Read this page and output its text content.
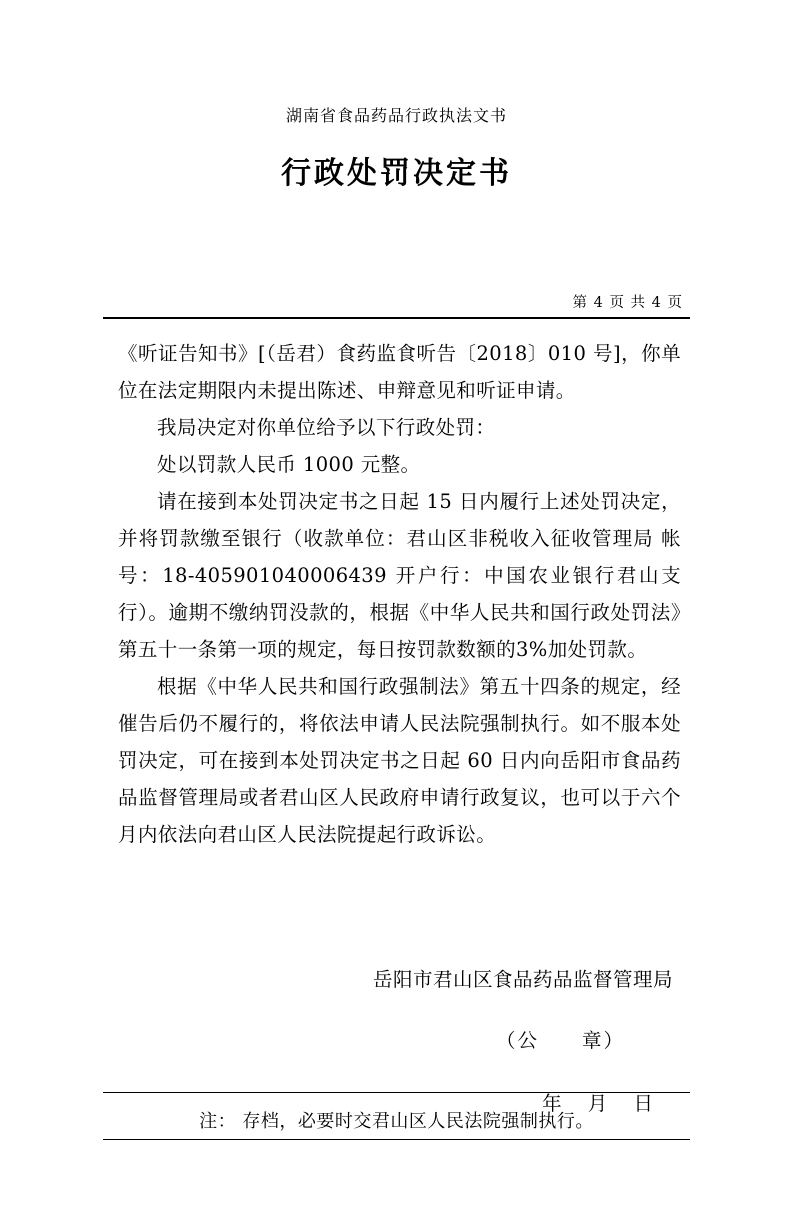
湖南省食品药品行政执法文书
行政处罚决定书
第 4 页 共 4 页

《听证告知书》[（岳君）食药监食听告〔2018〕010 号]，你单位在法定期限内未提出陈述、申辩意见和听证申请。

我局决定对你单位给予以下行政处罚：

处以罚款人民币 1000 元整。

请在接到本处罚决定书之日起 15 日内履行上述处罚决定，并将罚款缴至银行（收款单位：君山区非税收入征收管理局 帐号：18-405901040006439 开户行：中国农业银行君山支行）。逾期不缴纳罚没款的，根据《中华人民共和国行政处罚法》第五十一条第一项的规定，每日按罚款数额的3%加处罚款。

根据《中华人民共和国行政强制法》第五十四条的规定，经催告后仍不履行的，将依法申请人民法院强制执行。如不服本处罚决定，可在接到本处罚决定书之日起 60 日内向岳阳市食品药品监督管理局或者君山区人民政府申请行政复议，也可以于六个月内依法向君山区人民法院提起行政诉讼。

岳阳市君山区食品药品监督管理局
（公　　章）
年 月 日
注： 存档，必要时交君山区人民法院强制执行。
